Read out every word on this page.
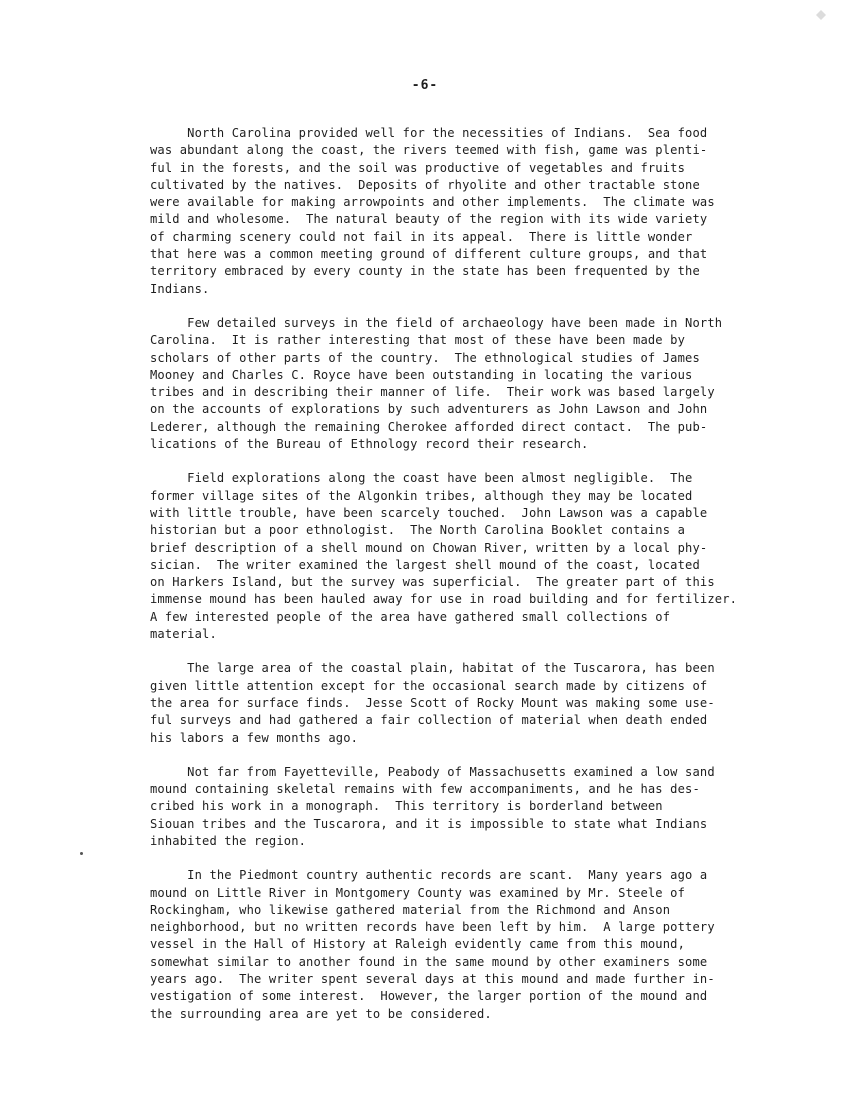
-6-
North Carolina provided well for the necessities of Indians.  Sea food
was abundant along the coast, the rivers teemed with fish, game was plenti-
ful in the forests, and the soil was productive of vegetables and fruits
cultivated by the natives.  Deposits of rhyolite and other tractable stone
were available for making arrowpoints and other implements.  The climate was
mild and wholesome.  The natural beauty of the region with its wide variety
of charming scenery could not fail in its appeal.  There is little wonder
that here was a common meeting ground of different culture groups, and that
territory embraced by every county in the state has been frequented by the
Indians.
Few detailed surveys in the field of archaeology have been made in North
Carolina.  It is rather interesting that most of these have been made by
scholars of other parts of the country.  The ethnological studies of James
Mooney and Charles C. Royce have been outstanding in locating the various
tribes and in describing their manner of life.  Their work was based largely
on the accounts of explorations by such adventurers as John Lawson and John
Lederer, although the remaining Cherokee afforded direct contact.  The pub-
lications of the Bureau of Ethnology record their research.
Field explorations along the coast have been almost negligible.  The
former village sites of the Algonkin tribes, although they may be located
with little trouble, have been scarcely touched.  John Lawson was a capable
historian but a poor ethnologist.  The North Carolina Booklet contains a
brief description of a shell mound on Chowan River, written by a local phy-
sician.  The writer examined the largest shell mound of the coast, located
on Harkers Island, but the survey was superficial.  The greater part of this
immense mound has been hauled away for use in road building and for fertilizer.
A few interested people of the area have gathered small collections of
material.
The large area of the coastal plain, habitat of the Tuscarora, has been
given little attention except for the occasional search made by citizens of
the area for surface finds.  Jesse Scott of Rocky Mount was making some use-
ful surveys and had gathered a fair collection of material when death ended
his labors a few months ago.
Not far from Fayetteville, Peabody of Massachusetts examined a low sand
mound containing skeletal remains with few accompaniments, and he has des-
cribed his work in a monograph.  This territory is borderland between
Siouan tribes and the Tuscarora, and it is impossible to state what Indians
inhabited the region.
In the Piedmont country authentic records are scant.  Many years ago a
mound on Little River in Montgomery County was examined by Mr. Steele of
Rockingham, who likewise gathered material from the Richmond and Anson
neighborhood, but no written records have been left by him.  A large pottery
vessel in the Hall of History at Raleigh evidently came from this mound,
somewhat similar to another found in the same mound by other examiners some
years ago.  The writer spent several days at this mound and made further in-
vestigation of some interest.  However, the larger portion of the mound and
the surrounding area are yet to be considered.
